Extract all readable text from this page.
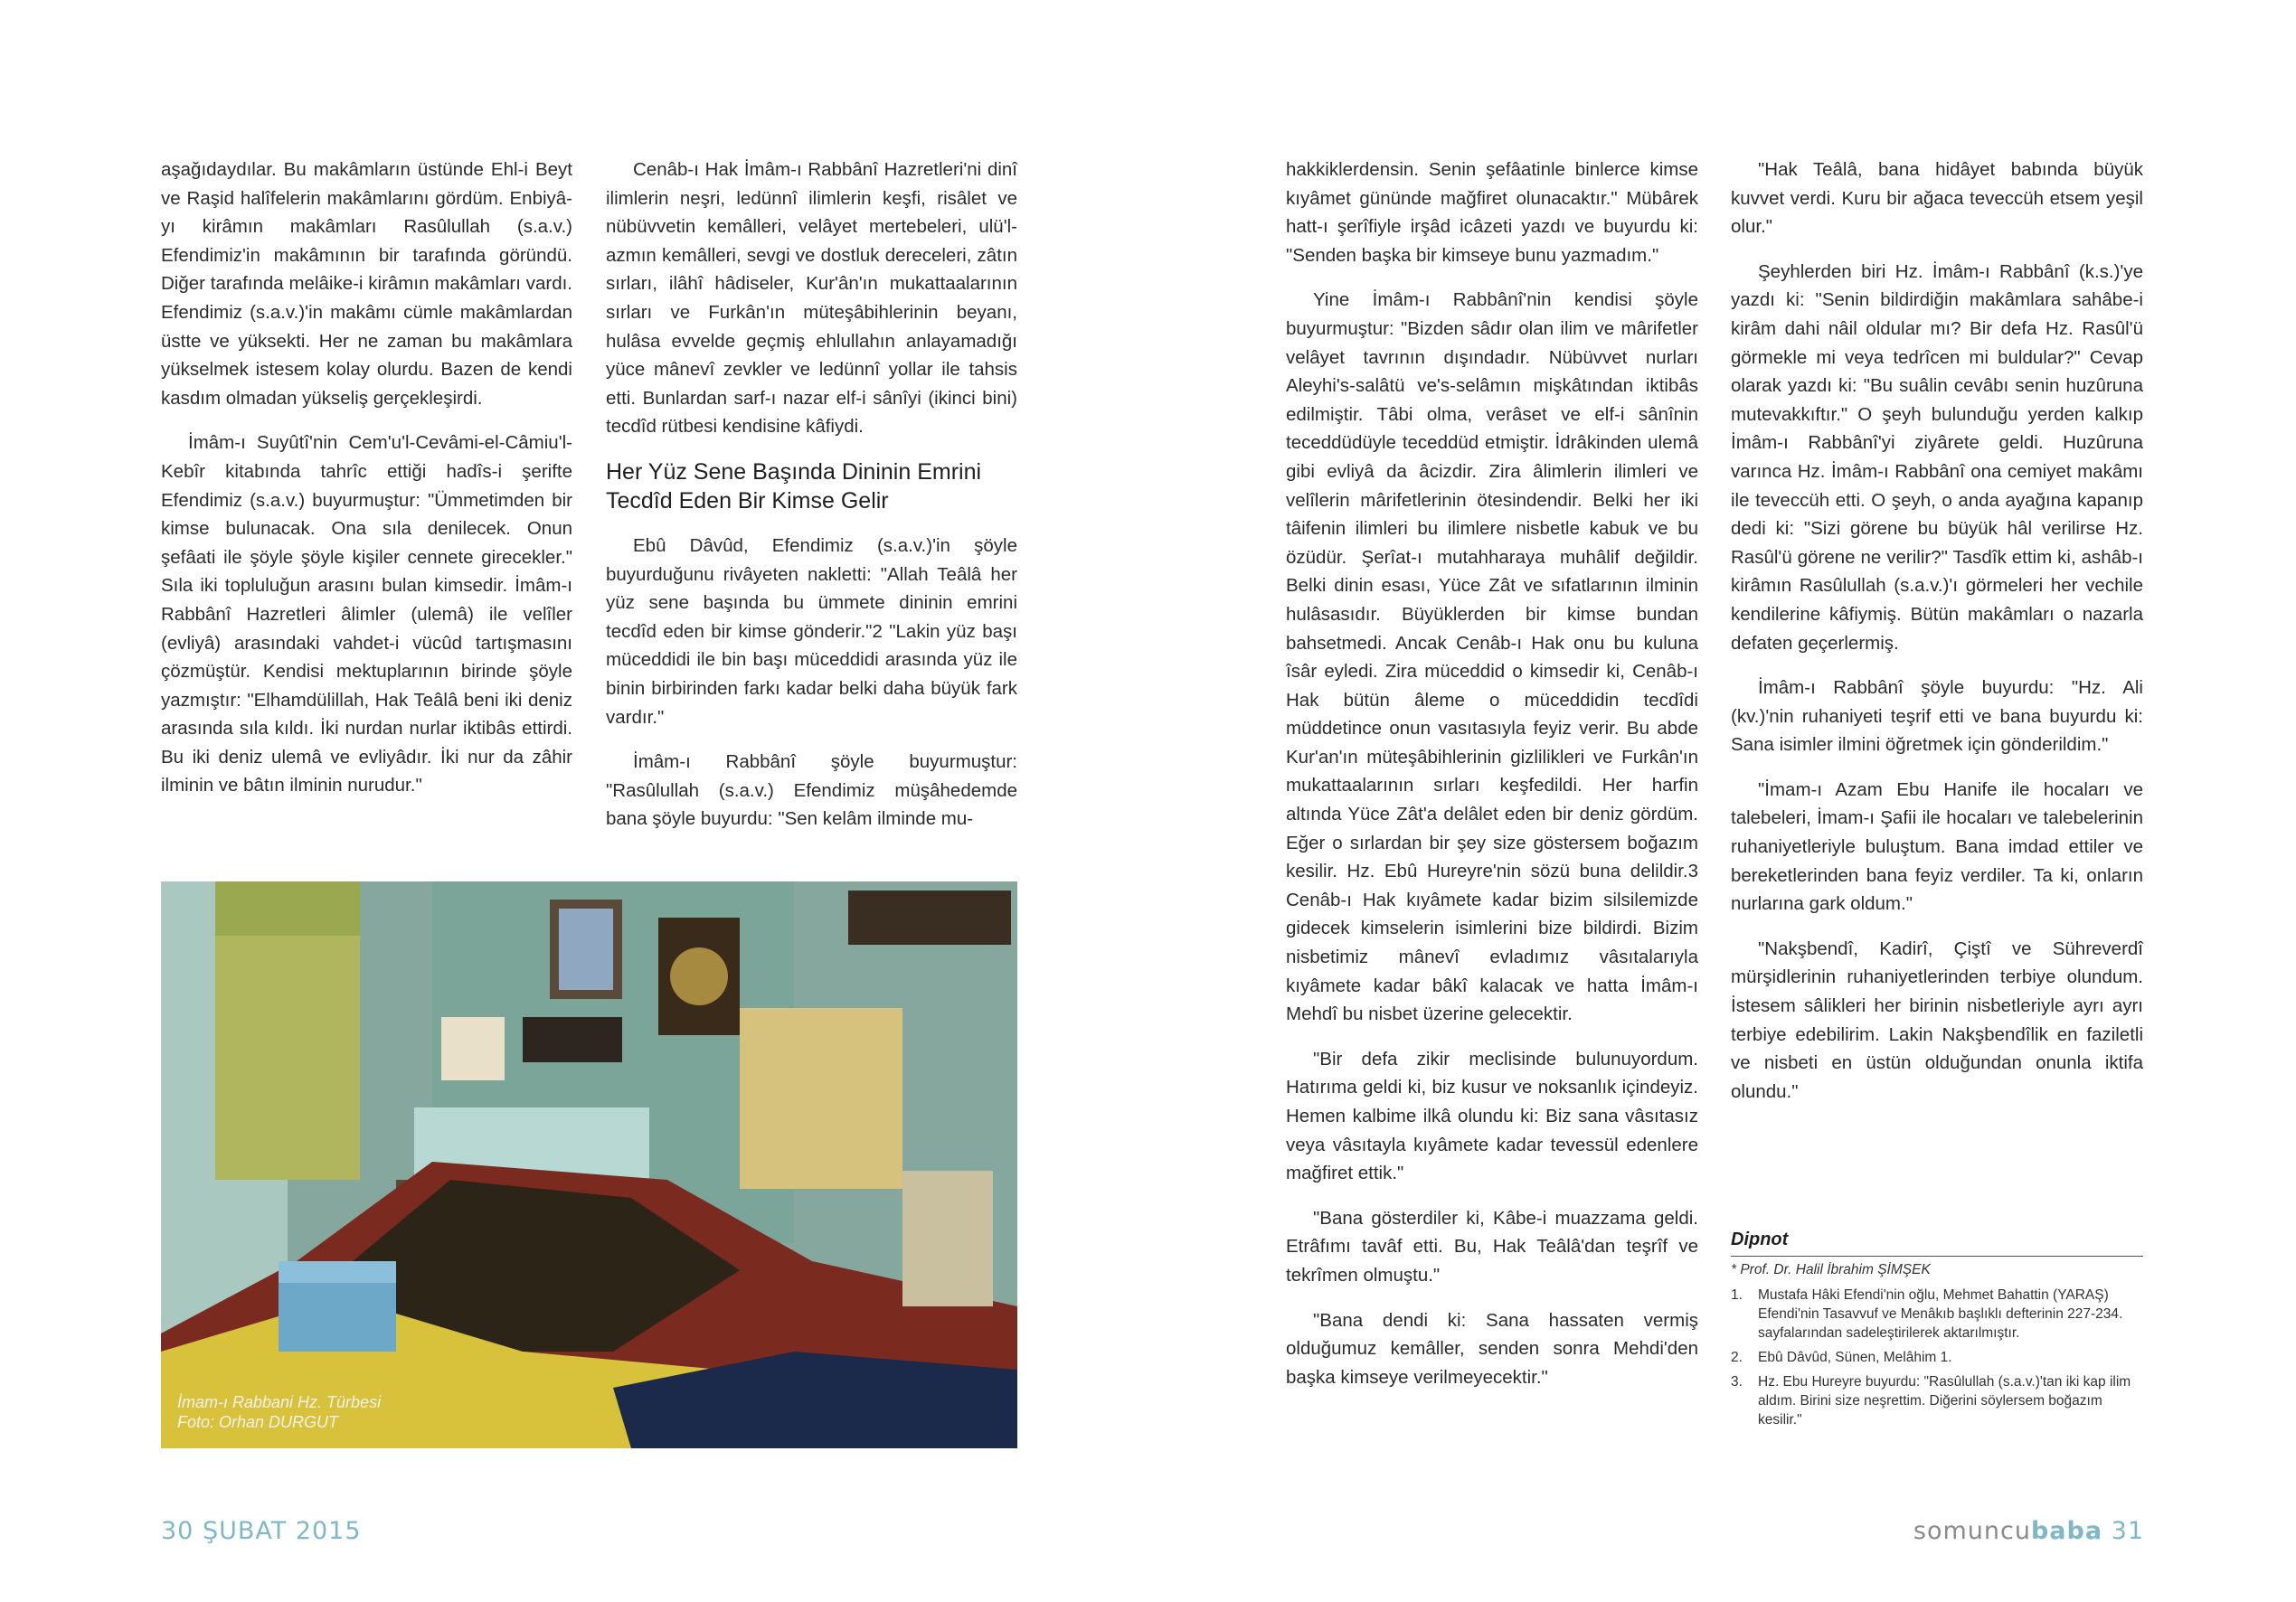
aşağıdaydılar. Bu makâmların üstünde Ehl-i Beyt ve Raşid halîfelerin makâmlarını gördüm. Enbiyâ-yı kirâmın makâmları Rasûlullah (s.a.v.) Efendimiz'in makâmının bir tarafında göründü. Diğer tarafında melâike-i kirâmın makâmları vardı. Efendimiz (s.a.v.)'in makâmı cümle makâmlardan üstte ve yüksekti. Her ne zaman bu makâmlara yükselmek istesem kolay olurdu. Bazen de kendi kasdım olmadan yükseliş gerçekleşirdi.

İmâm-ı Suyûtî'nin Cem'u'l-Cevâmi-el-Câmiu'l-Kebîr kitabında tahrîc ettiği hadîs-i şerifte Efendimiz (s.a.v.) buyurmuştur: "Ümmetimden bir kimse bulunacak. Ona sıla denilecek. Onun şefâati ile şöyle şöyle kişiler cennete girecekler." Sıla iki topluluğun arasını bulan kimsedir. İmâm-ı Rabbânî Hazretleri âlimler (ulemâ) ile velîler (evliyâ) arasındaki vahdet-i vücûd tartışmasını çözmüştür. Kendisi mektuplarının birinde şöyle yazmıştır: "Elhamdülillah, Hak Teâlâ beni iki deniz arasında sıla kıldı. İki nurdan nurlar iktibâs ettirdi. Bu iki deniz ulemâ ve evliyâdır. İki nur da zâhir ilminin ve bâtın ilminin nurudur."

Cenâb-ı Hak İmâm-ı Rabbânî Hazretleri'ni dinî ilimlerin neşri, ledünnî ilimlerin keşfi, risâlet ve nübüvvetin kemâlleri, velâyet mertebeleri, ulü'l-azmın kemâlleri, sevgi ve dostluk dereceleri, zâtın sırları, ilâhî hâdiseler, Kur'ân'ın mukattaalarının sırları ve Furkân'ın müteşâbihlerinin beyanı, hulâsa evvelde geçmiş ehlullahın anlayamadığı yüce mânevî zevkler ve ledünnî yollar ile tahsis etti. Bunlardan sarf-ı nazar elf-i sânîyi (ikinci bini) tecdîd rütbesi kendisine kâfiydi.

Her Yüz Sene Başında Dininin Emrini Tecdîd Eden Bir Kimse Gelir

Ebû Dâvûd, Efendimiz (s.a.v.)'in şöyle buyurduğunu rivâyeten nakletti: "Allah Teâlâ her yüz sene başında bu ümmete dininin emrini tecdîd eden bir kimse gönderir."2 "Lakin yüz başı müceddidi ile bin başı müceddidi arasında yüz ile binin birbirinden farkı kadar belki daha büyük fark vardır."

İmâm-ı Rabbânî şöyle buyurmuştur: "Rasûlullah (s.a.v.) Efendimiz müşâhedemde bana şöyle buyurdu: "Sen kelâm ilminde mu-

İmam-ı Rabbani Hz. Türbesi
Foto: Orhan DURGUT

hakkiklerdensin. Senin şefâatinle binlerce kimse kıyâmet gününde mağfiret olunacaktır." Mübârek hatt-ı şerîfiyle irşâd icâzeti yazdı ve buyurdu ki: "Senden başka bir kimseye bunu yazmadım."

Yine İmâm-ı Rabbânî'nin kendisi şöyle buyurmuştur: "Bizden sâdır olan ilim ve mârifetler velâyet tavrının dışındadır. Nübüvvet nurları Aleyhi's-salâtü ve's-selâmın mişkâtından iktibâs edilmiştir. Tâbi olma, verâset ve elf-i sânînin teceddüdüyle teceddüd etmiştir. İdrâkinden ulemâ gibi evliyâ da âcizdir. Zira âlimlerin ilimleri ve velîlerin mârifetlerinin ötesindendir. Belki her iki tâifenin ilimleri bu ilimlere nisbetle kabuk ve bu özüdür. Şerîat-ı mutahharaya muhâlif değildir. Belki dinin esası, Yüce Zât ve sıfatlarının ilminin hulâsasıdır. Büyüklerden bir kimse bundan bahsetmedi. Ancak Cenâb-ı Hak onu bu kuluna îsâr eyledi. Zira müceddid o kimsedir ki, Cenâb-ı Hak bütün âleme o müceddidin tecdîdi müddetince onun vasıtasıyla feyiz verir. Bu abde Kur'an'ın müteşâbihlerinin gizlilikleri ve Furkân'ın mukattaalarının sırları keşfedildi. Her harfin altında Yüce Zât'a delâlet eden bir deniz gördüm. Eğer o sırlardan bir şey size göstersem boğazım kesilir. Hz. Ebû Hureyre'nin sözü buna delildir.3 Cenâb-ı Hak kıyâmete kadar bizim silsilemizde gidecek kimselerin isimlerini bize bildirdi. Bizim nisbetimiz mânevî evladımız vâsıtalarıyla kıyâmete kadar bâkî kalacak ve hatta İmâm-ı Mehdî bu nisbet üzerine gelecektir.

"Bir defa zikir meclisinde bulunuyordum. Hatırıma geldi ki, biz kusur ve noksanlık içindeyiz. Hemen kalbime ilkâ olundu ki: Biz sana vâsıtasız veya vâsıtayla kıyâmete kadar tevessül edenlere mağfiret ettik."

"Bana gösterdiler ki, Kâbe-i muazzama geldi. Etrâfımı tavâf etti. Bu, Hak Teâlâ'dan teşrîf ve tekrîmen olmuştu."

"Bana dendi ki: Sana hassaten vermiş olduğumuz kemâller, senden sonra Mehdi'den başka kimseye verilmeyecektir."

"Hak Teâlâ, bana hidâyet babında büyük kuvvet verdi. Kuru bir ağaca teveccüh etsem yeşil olur."

Şeyhlerden biri Hz. İmâm-ı Rabbânî (k.s.)'ye yazdı ki: "Senin bildirdiğin makâmlara sahâbe-i kirâm dahi nâil oldular mı? Bir defa Hz. Rasûl'ü görmekle mi veya tedrîcen mi buldular?" Cevap olarak yazdı ki: "Bu suâlin cevâbı senin huzûruna mutevakkıftır." O şeyh bulunduğu yerden kalkıp İmâm-ı Rabbânî'yi ziyârete geldi. Huzûruna varınca Hz. İmâm-ı Rabbânî ona cemiyet makâmı ile teveccüh etti. O şeyh, o anda ayağına kapanıp dedi ki: "Sizi görene bu büyük hâl verilirse Hz. Rasûl'ü görene ne verilir?" Tasdîk ettim ki, ashâb-ı kirâmın Rasûlullah (s.a.v.)'ı görmeleri her vechile kendilerine kâfiymiş. Bütün makâmları o nazarla defaten geçerlermiş.

İmâm-ı Rabbânî şöyle buyurdu: "Hz. Ali (kv.)'nin ruhaniyeti teşrif etti ve bana buyurdu ki: Sana isimler ilmini öğretmek için gönderildim."

"İmam-ı Azam Ebu Hanife ile hocaları ve talebeleri, İmam-ı Şafii ile hocaları ve talebelerinin ruhaniyetleriyle buluştum. Bana imdad ettiler ve bereketlerinden bana feyiz verdiler. Ta ki, onların nurlarına gark oldum."

"Nakşbendî, Kadirî, Çiştî ve Sühreverdî mürşidlerinin ruhaniyetlerinden terbiye olundum. İstesem sâlikleri her birinin nisbetleriyle ayrı ayrı terbiye edebilirim. Lakin Nakşbendîlik en faziletli ve nisbeti en üstün olduğundan onunla iktifa olundu."

Dipnot
* Prof. Dr. Halil İbrahim ŞİMŞEK
1. Mustafa Hâki Efendi'nin oğlu, Mehmet Bahattin (YARAŞ) Efendi'nin Tasavvuf ve Menâkıb başlıklı defterinin 227-234. sayfalarından sadeleştirilerek aktarılmıştır.
2. Ebû Dâvûd, Sünen, Melâhim 1.
3. Hz. Ebu Hureyre buyurdu: "Rasûlullah (s.a.v.)'tan iki kap ilim aldım. Birini size neşrettim. Diğerini söylersem boğazım kesilir."
30 ŞUBAT 2015	somuncubaba 31
